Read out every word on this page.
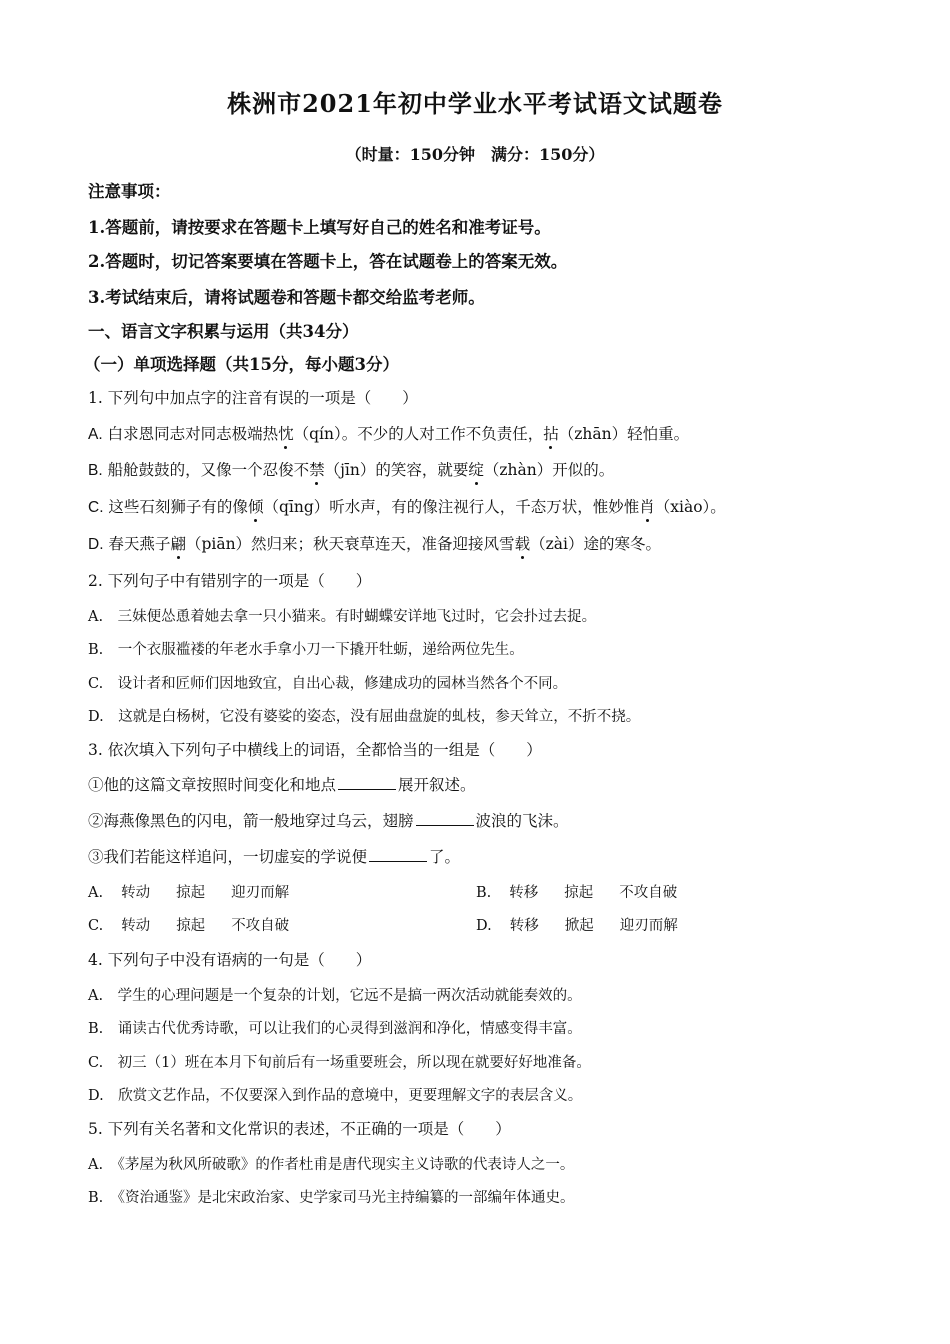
株洲市2021年初中学业水平考试语文试题卷
（时量：150分钟　满分：150分）
注意事项：
1.答题前，请按要求在答题卡上填写好自己的姓名和准考证号。
2.答题时，切记答案要填在答题卡上，答在试题卷上的答案无效。
3.考试结束后，请将试题卷和答题卡都交给监考老师。
一、语言文字积累与运用（共34分）
（一）单项选择题（共15分，每小题3分）
1. 下列句中加点字的注音有误的一项是（　　）
A. 白求恩同志对同志极端热忱（qín）。不少的人对工作不负责任，拈（zhān）轻怕重。
B. 船舱鼓鼓的，又像一个忍俊不禁（jīn）的笑容，就要绽（zhàn）开似的。
C. 这些石刻狮子有的像倾（qīng）听水声，有的像注视行人，千态万状，惟妙惟肖（xiào）。
D. 春天燕子翩（piān）然归来；秋天衰草连天，准备迎接风雪载（zài）途的寒冬。
2. 下列句子中有错别字的一项是（　　）
A.　三妹便怂恿着她去拿一只小猫来。有时蝴蝶安详地飞过时，它会扑过去捉。
B.　一个衣服褴褛的年老水手拿小刀一下撬开牡蛎，递给两位先生。
C.　设计者和匠师们因地致宜，自出心裁，修建成功的园林当然各个不同。
D.　这就是白杨树，它没有婆娑的姿态，没有屈曲盘旋的虬枝，参天耸立，不折不挠。
3. 依次填入下列句子中横线上的词语，全都恰当的一组是（　　）
①他的这篇文章按照时间变化和地点	展开叙述。
②海燕像黑色的闪电，箭一般地穿过乌云，翅膀	波浪的飞沫。
③我们若能这样追问，一切虚妄的学说便	了。
A. 转动 掠起 迎刃而解	B. 转移 掠起 不攻自破
C. 转动 掠起 不攻自破	D. 转移 掀起 迎刃而解
4. 下列句子中没有语病的一句是（　　）
A.　学生的心理问题是一个复杂的计划，它远不是搞一两次活动就能奏效的。
B.　诵读古代优秀诗歌，可以让我们的心灵得到滋润和净化，情感变得丰富。
C.　初三（1）班在本月下旬前后有一场重要班会，所以现在就要好好地准备。
D.　欣赏文艺作品，不仅要深入到作品的意境中，更要理解文字的表层含义。
5. 下列有关名著和文化常识的表述，不正确的一项是（　　）
A.　《茅屋为秋风所破歌》的作者杜甫是唐代现实主义诗歌的代表诗人之一。
B.　《资治通鉴》是北宋政治家、史学家司马光主持编纂的一部编年体通史。
